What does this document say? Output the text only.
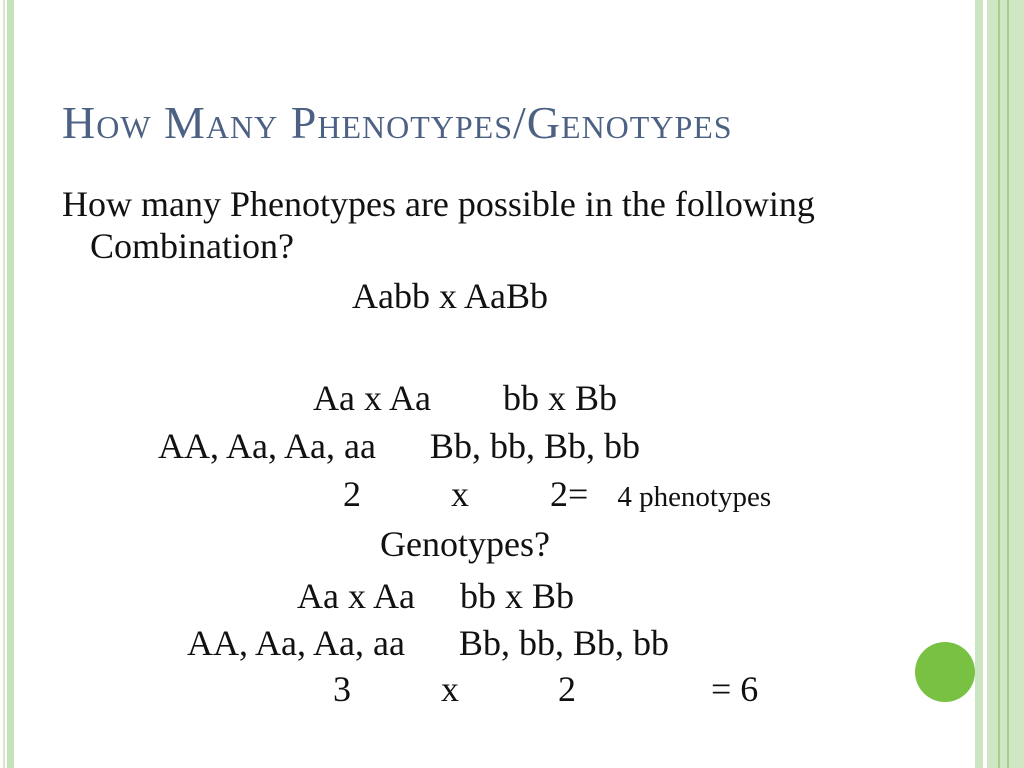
How Many Phenotypes/Genotypes
How many Phenotypes are possible in the following
Combination?
Aabb x AaBb
Aa x Aa        bb x Bb
AA, Aa, Aa, aa      Bb, bb, Bb, bb
2          x         2=    4 phenotypes
Genotypes?
Aa x Aa     bb x Bb
AA, Aa, Aa, aa      Bb, bb, Bb, bb
3          x           2               = 6
